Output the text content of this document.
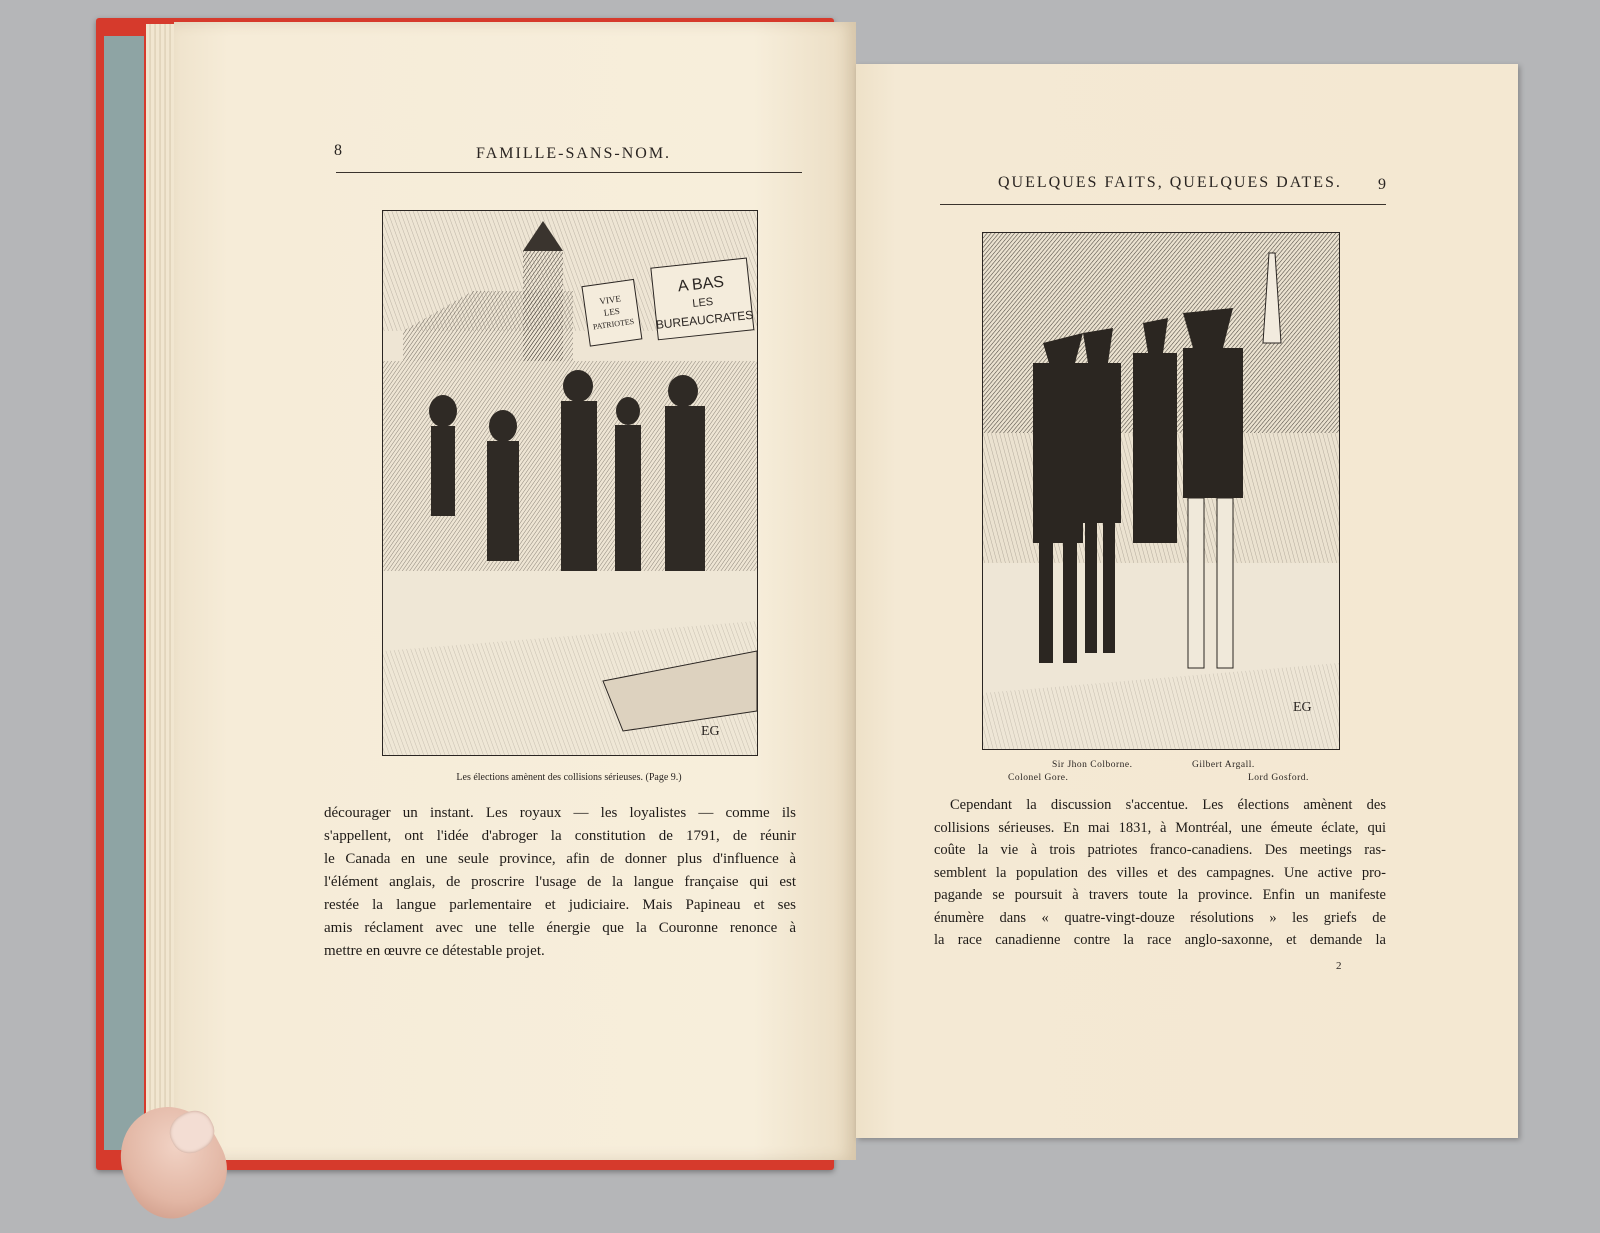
8	FAMILLE-SANS-NOM.
VIVE
LES
PATRIOTES
A BAS
LES
BUREAUCRATES
EG
Les élections amènent des collisions sérieuses. (Page 9.)
décourager un instant. Les royaux — les loyalistes — comme ils
s'appellent, ont l'idée d'abroger la constitution de 1791, de réunir
le Canada en une seule province, afin de donner plus d'influence à
l'élément anglais, de proscrire l'usage de la langue française qui est
restée la langue parlementaire et judiciaire. Mais Papineau et ses
amis réclament avec une telle énergie que la Couronne renonce à
mettre en œuvre ce détestable projet.
QUELQUES FAITS, QUELQUES DATES. 9
EG
Sir Jhon Colborne.	Gilbert Argall.
Colonel Gore.	Lord Gosford.
Cependant la discussion s'accentue. Les élections amènent des
collisions sérieuses. En mai 1831, à Montréal, une émeute éclate, qui
coûte la vie à trois patriotes franco-canadiens. Des meetings ras-
semblent la population des villes et des campagnes. Une active pro-
pagande se poursuit à travers toute la province. Enfin un manifeste
énumère dans « quatre-vingt-douze résolutions » les griefs de
la race canadienne contre la race anglo-saxonne, et demande la
2
